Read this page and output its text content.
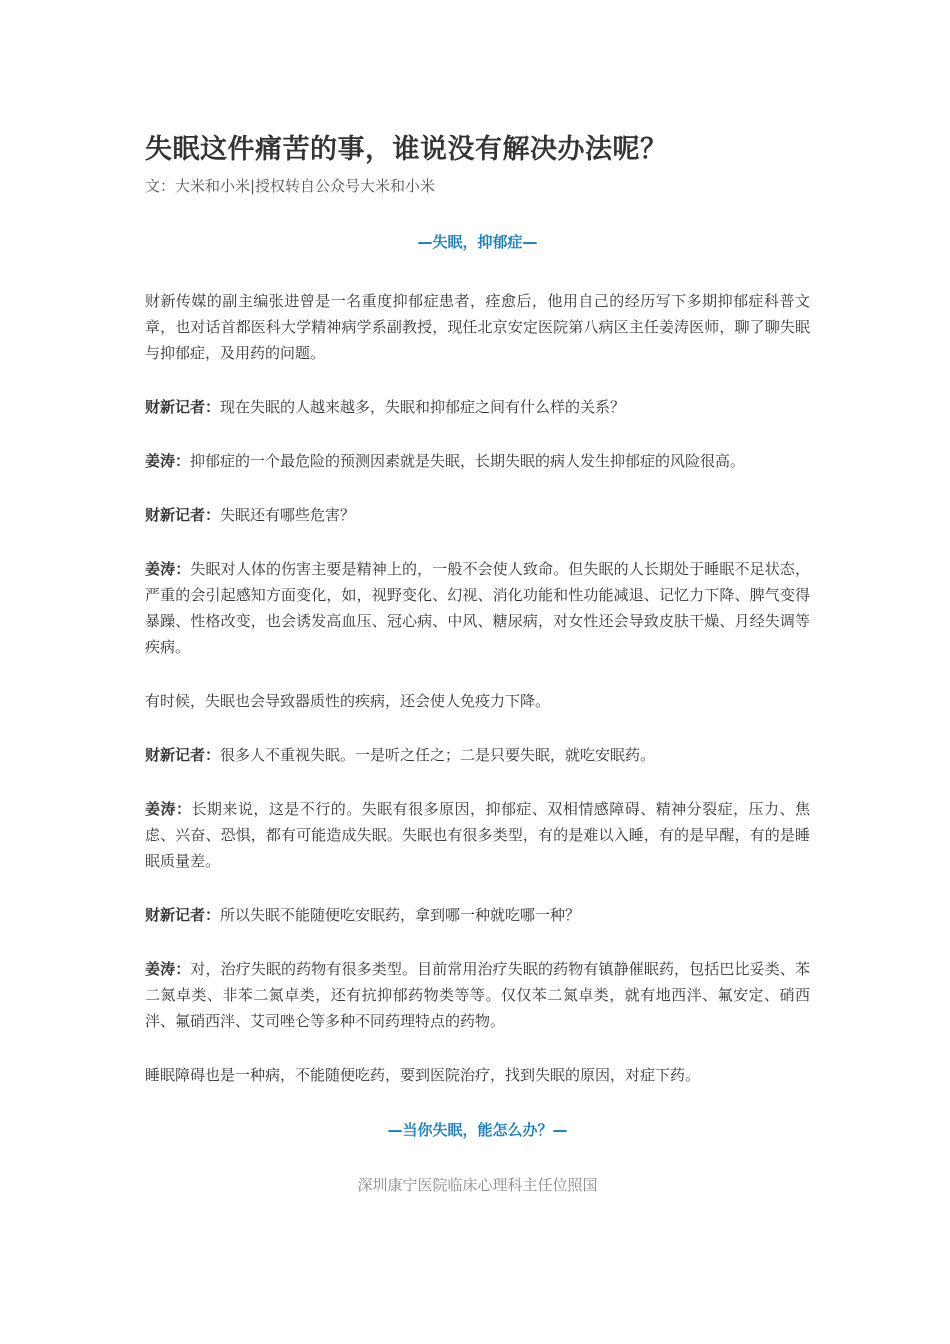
失眠这件痛苦的事，谁说没有解决办法呢？
文：大米和小米|授权转自公众号大米和小米
—失眠，抑郁症—

财新传媒的副主编张进曾是一名重度抑郁症患者，痊愈后，他用自己的经历写下多期抑郁症科普文章，也对话首都医科大学精神病学系副教授，现任北京安定医院第八病区主任姜涛医师，聊了聊失眠与抑郁症，及用药的问题。

财新记者：现在失眠的人越来越多，失眠和抑郁症之间有什么样的关系？

姜涛：抑郁症的一个最危险的预测因素就是失眠，长期失眠的病人发生抑郁症的风险很高。

财新记者：失眠还有哪些危害？

姜涛：失眠对人体的伤害主要是精神上的，一般不会使人致命。但失眠的人长期处于睡眠不足状态，严重的会引起感知方面变化，如，视野变化、幻视、消化功能和性功能减退、记忆力下降、脾气变得暴躁、性格改变，也会诱发高血压、冠心病、中风、糖尿病，对女性还会导致皮肤干燥、月经失调等疾病。

有时候，失眠也会导致器质性的疾病，还会使人免疫力下降。

财新记者：很多人不重视失眠。一是听之任之；二是只要失眠，就吃安眠药。

姜涛：长期来说，这是不行的。失眠有很多原因，抑郁症、双相情感障碍、精神分裂症，压力、焦虑、兴奋、恐惧，都有可能造成失眠。失眠也有很多类型，有的是难以入睡，有的是早醒，有的是睡眠质量差。

财新记者：所以失眠不能随便吃安眠药，拿到哪一种就吃哪一种？

姜涛：对，治疗失眠的药物有很多类型。目前常用治疗失眠的药物有镇静催眠药，包括巴比妥类、苯二氮卓类、非苯二氮卓类，还有抗抑郁药物类等等。仅仅苯二氮卓类，就有地西泮、氟安定、硝西泮、氟硝西泮、艾司唑仑等多种不同药理特点的药物。

睡眠障碍也是一种病，不能随便吃药，要到医院治疗，找到失眠的原因，对症下药。

—当你失眠，能怎么办？—
深圳康宁医院临床心理科主任位照国
